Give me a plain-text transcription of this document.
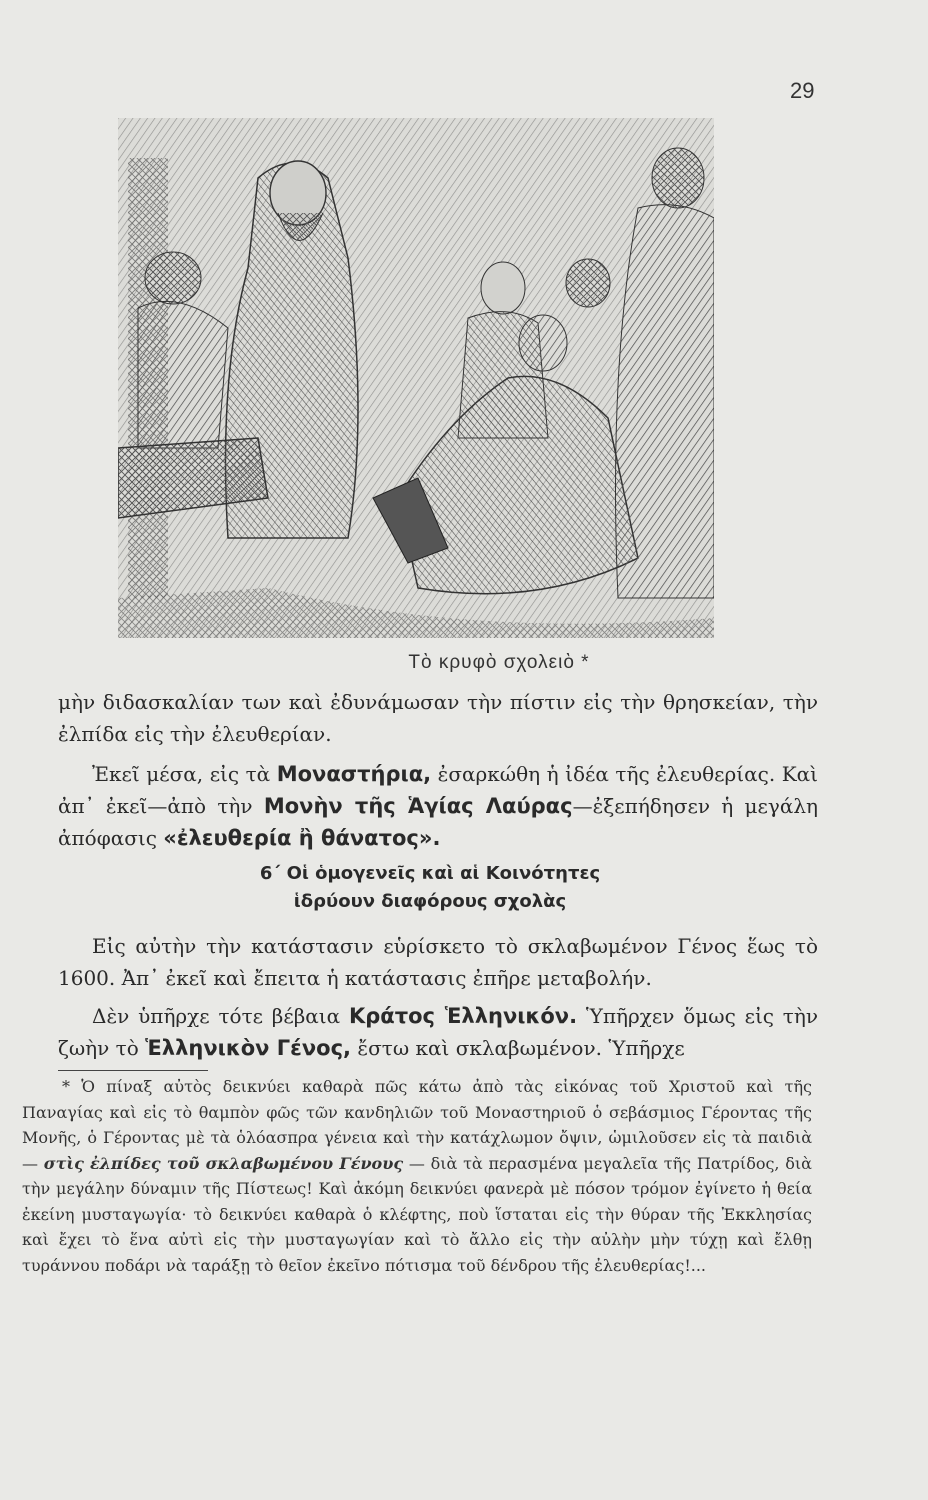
29
Τὸ κρυφὸ σχολειὸ *

μὴν διδασκαλίαν των καὶ ἐδυνάμωσαν τὴν πίστιν εἰς τὴν θρησκείαν, τὴν ἐλπίδα εἰς τὴν ἐλευθερίαν.

Ἐκεῖ μέσα, εἰς τὰ Μοναστήρια, ἐσαρκώθη ἡ ἰδέα τῆς ἐλευθερίας. Καὶ ἀπ᾽ ἐκεῖ—ἀπὸ τὴν Μονὴν τῆς Ἁγίας Λαύρας—ἐξεπήδησεν ἡ μεγάλη ἀπόφασις «ἐλευθερία ἢ θάνατος».

6΄ Οἱ ὁμογενεῖς καὶ αἱ Κοινότητες
ἱδρύουν διαφόρους σχολὰς

Εἰς αὐτὴν τὴν κατάστασιν εὑρίσκετο τὸ σκλαβωμένον Γένος ἕως τὸ 1600. Ἀπ᾽ ἐκεῖ καὶ ἔπειτα ἡ κατάστασις ἐπῆρε μεταβολήν.

Δὲν ὑπῆρχε τότε βέβαια Κράτος Ἑλληνικόν. Ὑπῆρχεν ὅμως εἰς τὴν ζωὴν τὸ Ἑλληνικὸν Γένος, ἔστω καὶ σκλαβωμένον. Ὑπῆρχε

* Ὁ πίναξ αὐτὸς δεικνύει καθαρὰ πῶς κάτω ἀπὸ τὰς εἰκόνας τοῦ Χριστοῦ καὶ τῆς Παναγίας καὶ εἰς τὸ θαμπὸν φῶς τῶν κανδηλιῶν τοῦ Μοναστηριοῦ ὁ σεβάσμιος Γέροντας τῆς Μονῆς, ὁ Γέροντας μὲ τὰ ὁλόασπρα γένεια καὶ τὴν κατάχλωμον ὄψιν, ὡμιλοῦσεν εἰς τὰ παιδιὰ — στὶς ἐλπίδες τοῦ σκλαβωμένου Γένους — διὰ τὰ περασμένα μεγαλεῖα τῆς Πατρίδος, διὰ τὴν μεγάλην δύναμιν τῆς Πίστεως! Καὶ ἀκόμη δεικνύει φανερὰ μὲ πόσον τρόμον ἐγίνετο ἡ θεία ἐκείνη μυσταγωγία· τὸ δεικνύει καθαρὰ ὁ κλέφτης, ποὺ ἵσταται εἰς τὴν θύραν τῆς Ἐκκλησίας καὶ ἔχει τὸ ἕνα αὐτὶ εἰς τὴν μυσταγωγίαν καὶ τὸ ἄλλο εἰς τὴν αὐλὴν μὴν τύχῃ καὶ ἔλθῃ τυράννου ποδάρι νὰ ταράξῃ τὸ θεῖον ἐκεῖνο πότισμα τοῦ δένδρου τῆς ἐλευθερίας!...
